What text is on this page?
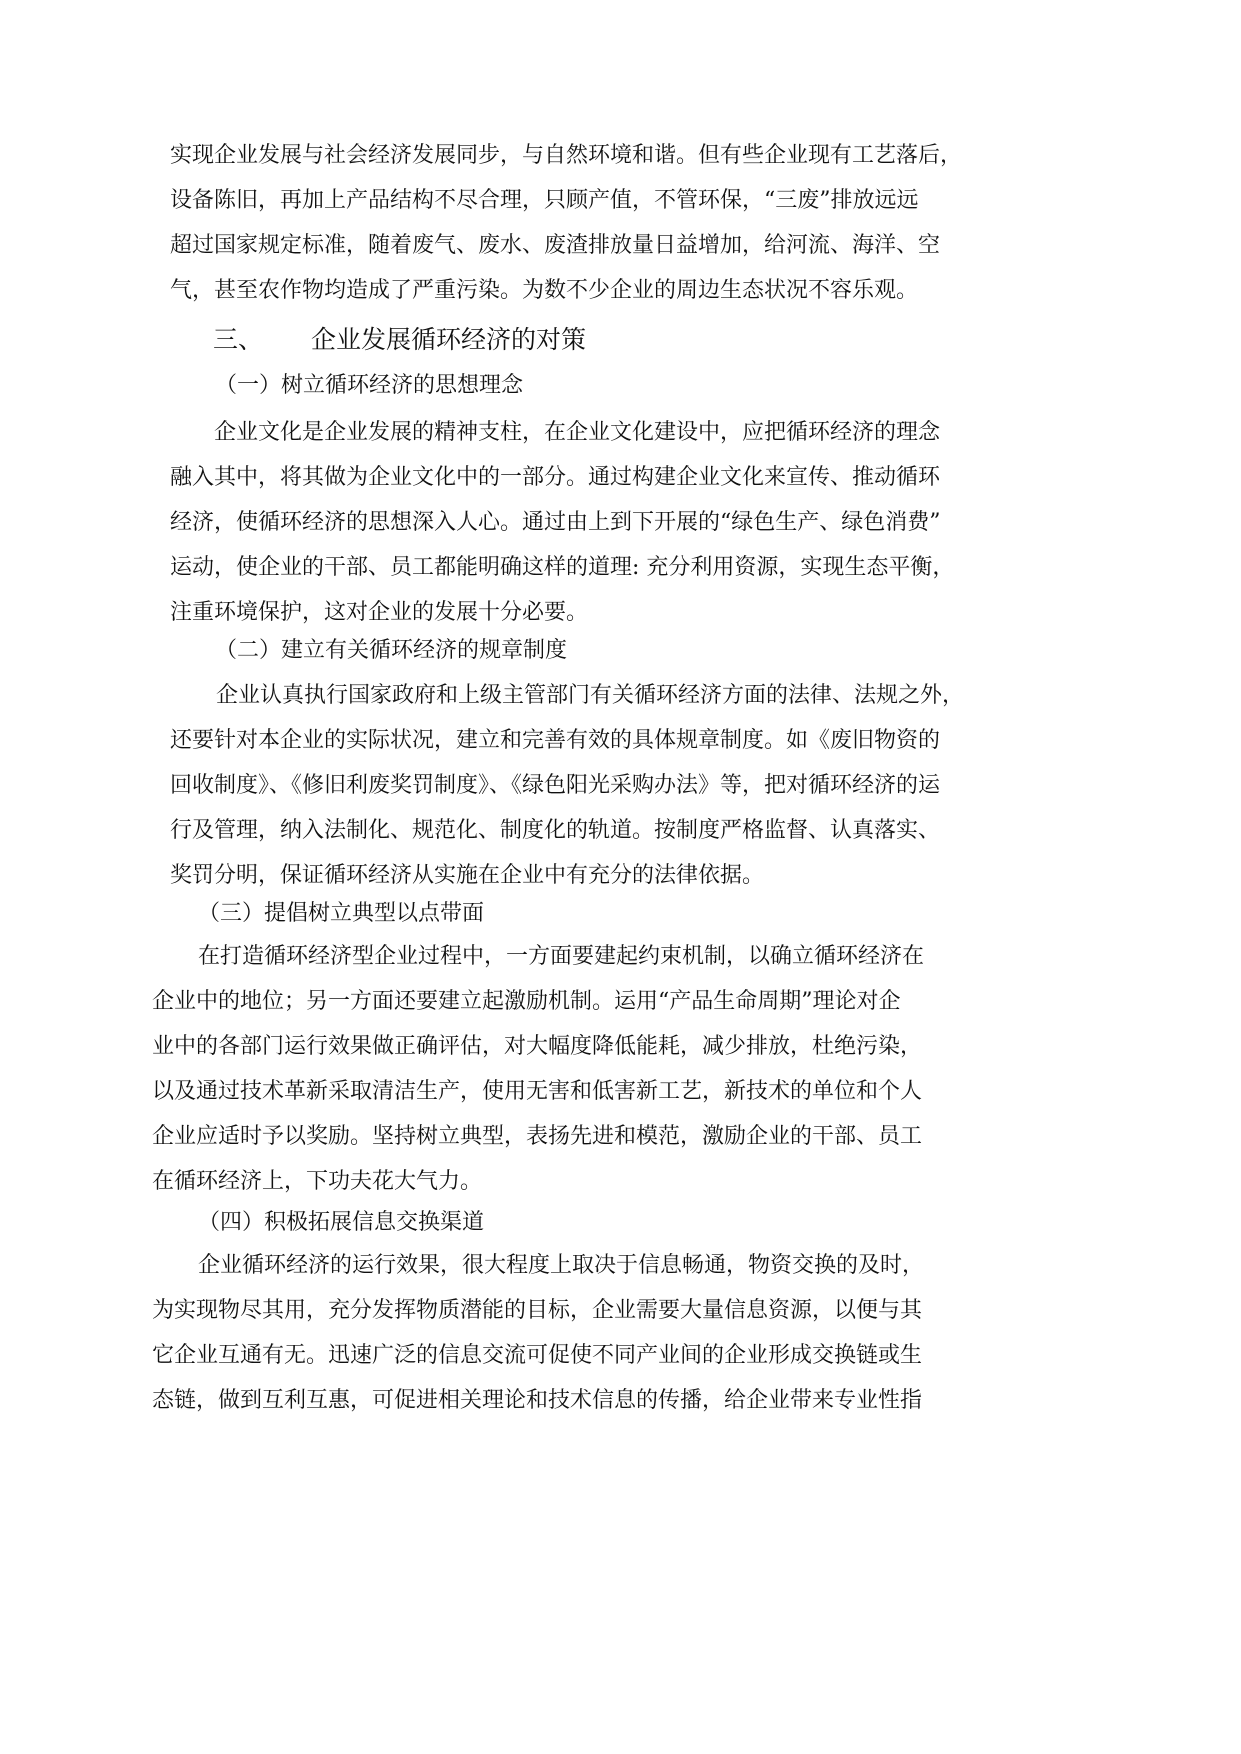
实现企业发展与社会经济发展同步，与自然环境和谐。但有些企业现有工艺落后，
设备陈旧，再加上产品结构不尽合理，只顾产值，不管环保，“三废”排放远远
超过国家规定标准，随着废气、废水、废渣排放量日益增加，给河流、海洋、空
气，甚至农作物均造成了严重污染。为数不少企业的周边生态状况不容乐观。
三、 企业发展循环经济的对策
（一）树立循环经济的思想理念
企业文化是企业发展的精神支柱，在企业文化建设中，应把循环经济的理念
融入其中，将其做为企业文化中的一部分。通过构建企业文化来宣传、推动循环
经济，使循环经济的思想深入人心。通过由上到下开展的“绿色生产、绿色消费”
运动，使企业的干部、员工都能明确这样的道理: 充分利用资源，实现生态平衡，
注重环境保护，这对企业的发展十分必要。
（二）建立有关循环经济的规章制度
企业认真执行国家政府和上级主管部门有关循环经济方面的法律、法规之外，
还要针对本企业的实际状况，建立和完善有效的具体规章制度。如《废旧物资的
回收制度》、《修旧利废奖罚制度》、《绿色阳光采购办法》等，把对循环经济的运
行及管理，纳入法制化、规范化、制度化的轨道。按制度严格监督、认真落实、
奖罚分明，保证循环经济从实施在企业中有充分的法律依据。
（三）提倡树立典型以点带面
在打造循环经济型企业过程中，一方面要建起约束机制，以确立循环经济在
企业中的地位；另一方面还要建立起激励机制。运用“产品生命周期”理论对企
业中的各部门运行效果做正确评估，对大幅度降低能耗，减少排放，杜绝污染，
以及通过技术革新采取清洁生产，使用无害和低害新工艺，新技术的单位和个人
企业应适时予以奖励。坚持树立典型，表扬先进和模范，激励企业的干部、员工
在循环经济上，下功夫花大气力。
（四）积极拓展信息交换渠道
企业循环经济的运行效果，很大程度上取决于信息畅通，物资交换的及时，
为实现物尽其用，充分发挥物质潜能的目标，企业需要大量信息资源，以便与其
它企业互通有无。迅速广泛的信息交流可促使不同产业间的企业形成交换链或生
态链，做到互利互惠，可促进相关理论和技术信息的传播，给企业带来专业性指
